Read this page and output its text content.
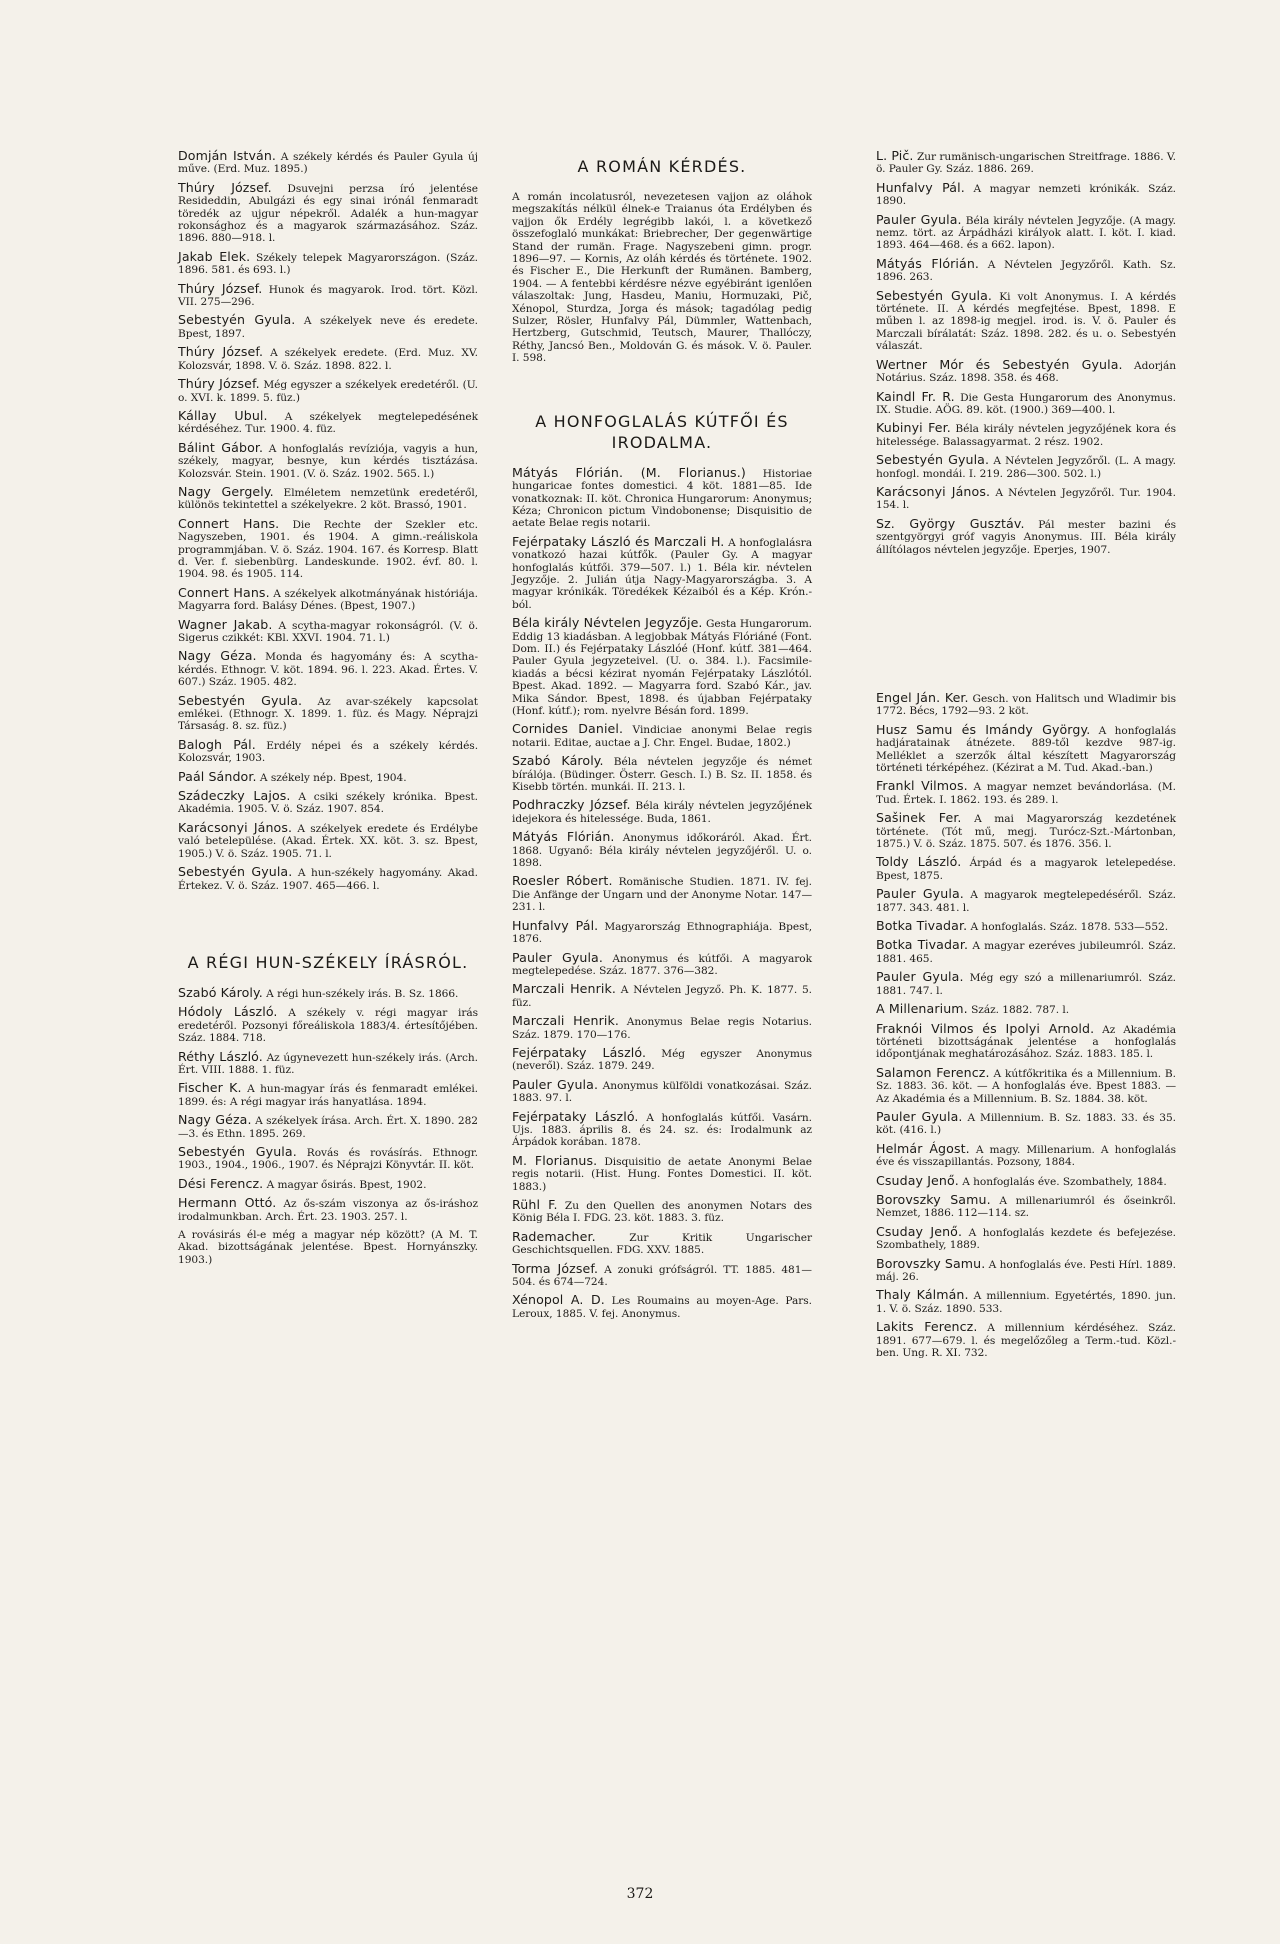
Domján István. A székely kérdés és Pauler Gyula új műve. (Erd. Muz. 1895.)

Thúry József. Dsuvejni perzsa író jelentése Resideddin, Abulgázi és egy sinai irónál fenmaradt töredék az ujgur népekről. Adalék a hun-magyar rokonsághoz és a magyarok származásához. Száz. 1896. 880—918. l.

Jakab Elek. Székely telepek Magyarországon. (Száz. 1896. 581. és 693. l.)

Thúry József. Hunok és magyarok. Irod. tört. Közl. VII. 275—296.

Sebestyén Gyula. A székelyek neve és eredete. Bpest, 1897.

Thúry József. A székelyek eredete. (Erd. Muz. XV. Kolozsvár, 1898. V. ö. Száz. 1898. 822. l.

Thúry József. Még egyszer a székelyek eredetéről. (U. o. XVI. k. 1899. 5. füz.)

Kállay Ubul. A székelyek megtelepedésének kérdéséhez. Tur. 1900. 4. füz.

Bálint Gábor. A honfoglalás revíziója, vagyis a hun, székely, magyar, besnye, kun kérdés tisztázása. Kolozsvár. Stein. 1901. (V. ö. Száz. 1902. 565. l.)

Nagy Gergely. Elméletem nemzetünk eredetéről, különös tekintettel a székelyekre. 2 köt. Brassó, 1901.

Connert Hans. Die Rechte der Szekler etc. Nagyszeben, 1901. és 1904. A gimn.-reáliskola programmjában. V. ö. Száz. 1904. 167. és Korresp. Blatt d. Ver. f. siebenbürg. Landeskunde. 1902. évf. 80. l. 1904. 98. és 1905. 114.

Connert Hans. A székelyek alkotmányának históriája. Magyarra ford. Balásy Dénes. (Bpest, 1907.)

Wagner Jakab. A scytha-magyar rokonságról. (V. ö. Sigerus czikkét: KBl. XXVI. 1904. 71. l.)

Nagy Géza. Monda és hagyomány és: A scytha-kérdés. Ethnogr. V. köt. 1894. 96. l. 223. Akad. Értes. V. 607.) Száz. 1905. 482.

Sebestyén Gyula. Az avar-székely kapcsolat emlékei. (Ethnogr. X. 1899. 1. füz. és Magy. Néprajzi Társaság. 8. sz. füz.)

Balogh Pál. Erdély népei és a székely kérdés. Kolozsvár, 1903.

Paál Sándor. A székely nép. Bpest, 1904.

Szádeczky Lajos. A csiki székely krónika. Bpest. Akadémia. 1905. V. ö. Száz. 1907. 854.

Karácsonyi János. A székelyek eredete és Erdélybe való betelepülése. (Akad. Értek. XX. köt. 3. sz. Bpest, 1905.) V. ö. Száz. 1905. 71. l.

Sebestyén Gyula. A hun-székely hagyomány. Akad. Értekez. V. ö. Száz. 1907. 465—466. l.

A RÉGI HUN-SZÉKELY ÍRÁSRÓL.

Szabó Károly. A régi hun-székely irás. B. Sz. 1866.

Hódoly László. A székely v. régi magyar irás eredetéről. Pozsonyi főreáliskola 1883/4. értesítőjében. Száz. 1884. 718.

Réthy László. Az úgynevezett hun-székely irás. (Arch. Ért. VIII. 1888. 1. füz.

Fischer K. A hun-magyar írás és fenmaradt emlékei. 1899. és: A régi magyar irás hanyatlása. 1894.

Nagy Géza. A székelyek írása. Arch. Ért. X. 1890. 282—3. és Ethn. 1895. 269.

Sebestyén Gyula. Rovás és rovásírás. Ethnogr. 1903., 1904., 1906., 1907. és Néprajzi Könyvtár. II. köt.

Dési Ferencz. A magyar ősirás. Bpest, 1902.

Hermann Ottó. Az ős-szám viszonya az ős-iráshoz irodalmunkban. Arch. Ért. 23. 1903. 257. l.

A rovásirás él-e még a magyar nép között? (A M. T. Akad. bizottságának jelentése. Bpest. Hornyánszky. 1903.)

A ROMÁN KÉRDÉS.
A román incolatusról, nevezetesen vajjon az oláhok megszakítás nélkül élnek-e Traianus óta Erdélyben és vajjon ők Erdély legrégibb lakói, l. a következő összefoglaló munkákat: Briebrecher, Der gegenwärtige Stand der rumän. Frage. Nagyszebeni gimn. progr. 1896—97. — Kornis, Az oláh kérdés és története. 1902. és Fischer E., Die Herkunft der Rumänen. Bamberg, 1904. — A fentebbi kérdésre nézve egyébiránt igenlően válaszoltak: Jung, Hasdeu, Maniu, Hormuzaki, Pič, Xénopol, Sturdza, Jorga és mások; tagadólag pedig Sulzer, Rösler, Hunfalvy Pál, Dümmler, Wattenbach, Hertzberg, Gutschmid, Teutsch, Maurer, Thallóczy, Réthy, Jancsó Ben., Moldován G. és mások. V. ö. Pauler. I. 598.
A HONFOGLALÁS KÚTFŐI ÉS IRODALMA.

Mátyás Flórián. (M. Florianus.) Historiae hungaricae fontes domestici. 4 köt. 1881—85. Ide vonatkoznak: II. köt. Chronica Hungarorum: Anonymus; Kéza; Chronicon pictum Vindobonense; Disquisitio de aetate Belae regis notarii.

Fejérpataky László és Marczali H. A honfoglalásra vonatkozó hazai kútfők. (Pauler Gy. A magyar honfoglalás kútfői. 379—507. l.) 1. Béla kir. névtelen Jegyzője. 2. Julián útja Nagy-Magyarországba. 3. A magyar krónikák. Töredékek Kézaiból és a Kép. Krón.-ból.

Béla király Névtelen Jegyzője. Gesta Hungarorum. Eddig 13 kiadásban. A legjobbak Mátyás Flóriáné (Font. Dom. II.) és Fejérpataky Lászlóé (Honf. kútf. 381—464. Pauler Gyula jegyzeteivel. (U. o. 384. l.). Facsimile-kiadás a bécsi kézirat nyomán Fejérpataky Lászlótól. Bpest. Akad. 1892. — Magyarra ford. Szabó Kár., jav. Mika Sándor. Bpest, 1898. és újabban Fejérpataky (Honf. kútf.); rom. nyelvre Bésán ford. 1899.

Cornides Daniel. Vindiciae anonymi Belae regis notarii. Editae, auctae a J. Chr. Engel. Budae, 1802.)

Szabó Károly. Béla névtelen jegyzője és német bírálója. (Büdinger. Österr. Gesch. I.) B. Sz. II. 1858. és Kisebb történ. munkái. II. 213. l.

Podhraczky József. Béla király névtelen jegyzőjének idejekora és hitelessége. Buda, 1861.

Mátyás Flórián. Anonymus időkoráról. Akad. Ért. 1868. Ugyanő: Béla király névtelen jegyzőjéről. U. o. 1898.

Roesler Róbert. Romänische Studien. 1871. IV. fej. Die Anfänge der Ungarn und der Anonyme Notar. 147—231. l.

Hunfalvy Pál. Magyarország Ethnographiája. Bpest, 1876.

Pauler Gyula. Anonymus és kútfői. A magyarok megtelepedése. Száz. 1877. 376—382.

Marczali Henrik. A Névtelen Jegyző. Ph. K. 1877. 5. füz.

Marczali Henrik. Anonymus Belae regis Notarius. Száz. 1879. 170—176.

Fejérpataky László. Még egyszer Anonymus (neveről). Száz. 1879. 249.

Pauler Gyula. Anonymus külföldi vonatkozásai. Száz. 1883. 97. l.

Fejérpataky László. A honfoglalás kútfői. Vasárn. Ujs. 1883. április 8. és 24. sz. és: Irodalmunk az Árpádok korában. 1878.

M. Florianus. Disquisitio de aetate Anonymi Belae regis notarii. (Hist. Hung. Fontes Domestici. II. köt. 1883.)

Rühl F. Zu den Quellen des anonymen Notars des König Béla I. FDG. 23. köt. 1883. 3. füz.

Rademacher.	Zur Kritik Ungarischer Geschichtsquellen. FDG. XXV. 1885.

Torma József. A zonuki grófságról. TT. 1885. 481—504. és 674—724.

Xénopol A. D. Les Roumains au moyen-Age. Pars. Leroux, 1885. V. fej. Anonymus.

L. Pič. Zur rumänisch-ungarischen Streitfrage. 1886. V. ö. Pauler Gy. Száz. 1886. 269.

Hunfalvy Pál. A magyar nemzeti krónikák. Száz. 1890.

Pauler Gyula. Béla király névtelen Jegyzője. (A magy. nemz. tört. az Árpádházi királyok alatt. I. köt. I. kiad. 1893. 464—468. és a 662. lapon).

Mátyás Flórián. A Névtelen Jegyzőről. Kath. Sz. 1896. 263.

Sebestyén Gyula. Ki volt Anonymus. I. A kérdés története. II. A kérdés megfejtése. Bpest, 1898. E műben l. az 1898-ig megjel. irod. is. V. ö. Pauler és Marczali bírálatát: Száz. 1898. 282. és u. o. Sebestyén válaszát.

Wertner Mór és Sebestyén Gyula. Adorján Notárius. Száz. 1898. 358. és 468.

Kaindl Fr. R. Die Gesta Hungarorum des Anonymus. IX. Studie. AÖG. 89. köt. (1900.) 369—400. l.

Kubinyi Fer. Béla király névtelen jegyzőjének kora és hitelessége. Balassagyarmat. 2 rész. 1902.

Sebestyén Gyula. A Névtelen Jegyzőről. (L. A magy. honfogl. mondái. I. 219. 286—300. 502. l.)

Karácsonyi János. A Névtelen Jegyzőről. Tur. 1904. 154. l.

Sz. György Gusztáv. Pál mester bazini és szentgyörgyi gróf vagyis Anonymus. III. Béla király állítólagos névtelen jegyzője. Eperjes, 1907.

Engel Ján. Ker. Gesch. von Halitsch und Wladimir bis 1772. Bécs, 1792—93. 2 köt.

Husz Samu és Imándy György. A honfoglalás hadjáratainak átnézete. 889-től kezdve 987-ig. Melléklet a szerzők által készített Magyarország történeti térképéhez. (Kézirat a M. Tud. Akad.-ban.)

Frankl Vilmos. A magyar nemzet bevándorlása. (M. Tud. Értek. I. 1862. 193. és 289. l.

Sašinek Fer. A mai Magyarország kezdetének története. (Tót mű, megj. Turócz-Szt.-Mártonban, 1875.) V. ö. Száz. 1875. 507. és 1876. 356. l.

Toldy László. Árpád és a magyarok letelepedése. Bpest, 1875.

Pauler Gyula. A magyarok megtelepedéséről. Száz. 1877. 343. 481. l.

Botka Tivadar. A honfoglalás. Száz. 1878. 533—552.

Botka Tivadar. A magyar ezeréves jubileumról. Száz. 1881. 465.

Pauler Gyula. Még egy szó a millenariumról. Száz. 1881. 747. l.

A Millenarium. Száz. 1882. 787. l.

Fraknói Vilmos és Ipolyi Arnold. Az Akadémia történeti bizottságának jelentése a honfoglalás időpontjának meghatározásához. Száz. 1883. 185. l.

Salamon Ferencz. A kútfőkritika és a Millennium. B. Sz. 1883. 36. köt. — A honfoglalás éve. Bpest 1883. — Az Akadémia és a Millennium. B. Sz. 1884. 38. köt.

Pauler Gyula. A Millennium. B. Sz. 1883. 33. és 35. köt. (416. l.)

Helmár Ágost. A magy. Millenarium. A honfoglalás éve és visszapillantás. Pozsony, 1884.

Csuday Jenő. A honfoglalás éve. Szombathely, 1884.

Borovszky Samu. A millenariumról és őseinkről. Nemzet, 1886. 112—114. sz.

Csuday Jenő. A honfoglalás kezdete és befejezése. Szombathely, 1889.

Borovszky Samu. A honfoglalás éve. Pesti Hírl. 1889. máj. 26.

Thaly Kálmán. A millennium. Egyetértés, 1890. jun. 1. V. ö. Száz. 1890. 533.

Lakits Ferencz. A millennium kérdéséhez. Száz. 1891. 677—679. l. és megelőzőleg a Term.-tud. Közl.-ben. Ung. R. XI. 732.

372
